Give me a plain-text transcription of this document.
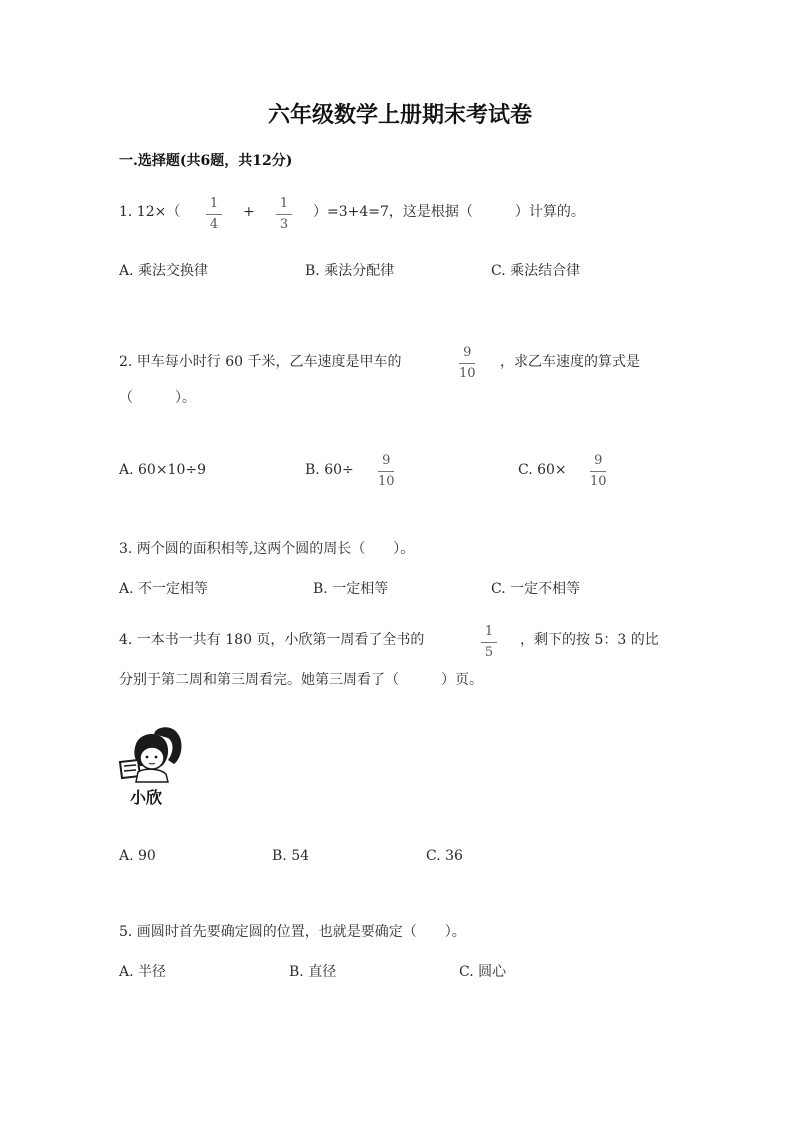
六年级数学上册期末考试卷
一.选择题(共6题，共12分)
1. 12×（
1
4
+
1
3
）=3+4=7，这是根据（　　　）计算的。
A. 乘法交换律	B. 乘法分配律	C. 乘法结合律
2. 甲车每小时行 60 千米，乙车速度是甲车的
9
10
，求乙车速度的算式是
（　　　）。
A. 60×10÷9	B. 60÷
9
10
C. 60×
9
10
3. 两个圆的面积相等,这两个圆的周长（　　）。
A. 不一定相等	B. 一定相等	C. 一定不相等
4. 一本书一共有 180 页，小欣第一周看了全书的
1
5
，剩下的按 5：3 的比
分别于第二周和第三周看完。她第三周看了（　　　）页。
小欣
A. 90	B. 54	C. 36
5. 画圆时首先要确定圆的位置，也就是要确定（　　）。
A. 半径	B. 直径	C. 圆心
